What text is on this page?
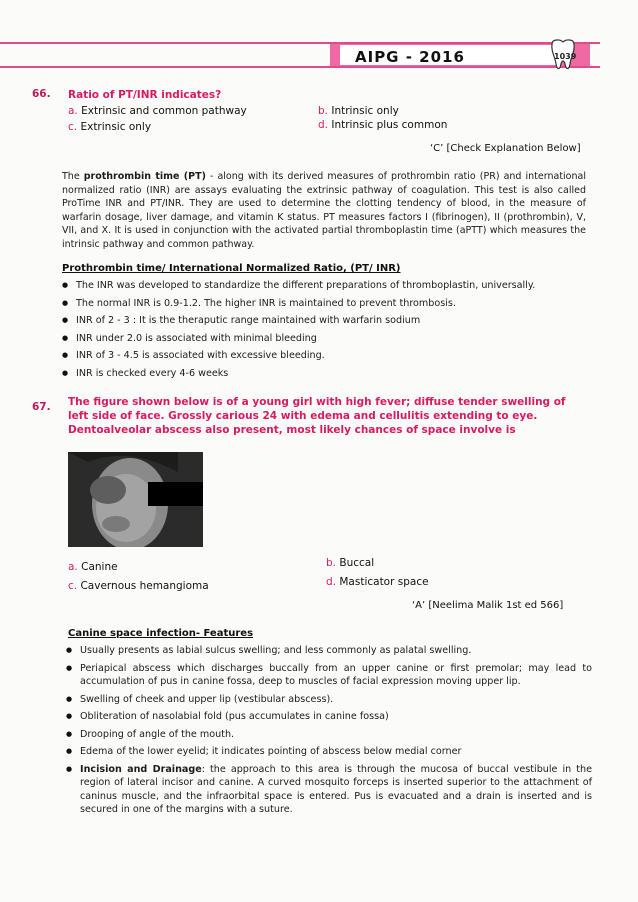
AIPG - 2016	1039
66. Ratio of PT/INR indicates?
a. Extrinsic and common pathway	b. Intrinsic only
c. Extrinsic only	d. Intrinsic plus common
‘C’ [Check Explanation Below]
The prothrombin time (PT) - along with its derived measures of prothrombin ratio (PR) and international normalized ratio (INR) are assays evaluating the extrinsic pathway of coagulation. This test is also called ProTime INR and PT/INR. They are used to determine the clotting tendency of blood, in the measure of warfarin dosage, liver damage, and vitamin K status. PT measures factors I (fibrinogen), II (prothrombin), V, VII, and X. It is used in conjunction with the activated partial thromboplastin time (aPTT) which measures the intrinsic pathway and common pathway.
Prothrombin time/ International Normalized Ratio, (PT/ INR)
● The INR was developed to standardize the different preparations of thromboplastin, universally.
● The normal INR is 0.9-1.2. The higher INR is maintained to prevent thrombosis.
● INR of 2 - 3 : It is the theraputic range maintained with warfarin sodium
● INR under 2.0 is associated with minimal bleeding
● INR of 3 - 4.5 is associated with excessive bleeding.
● INR is checked every 4-6 weeks
67. The figure shown below is of a young girl with high fever; diffuse tender swelling of left side of face. Grossly carious 24 with edema and cellulitis extending to eye. Dentoalveolar abscess also present, most likely chances of space involve is
a. Canine	b. Buccal
c. Cavernous hemangioma	d. Masticator space
‘A’ [Neelima Malik 1st ed 566]
Canine space infection- Features
● Usually presents as labial sulcus swelling; and less commonly as palatal swelling.
● Periapical abscess which discharges buccally from an upper canine or first premolar; may lead to accumulation of pus in canine fossa, deep to muscles of facial expression moving upper lip.
● Swelling of cheek and upper lip (vestibular abscess).
● Obliteration of nasolabial fold (pus accumulates in canine fossa)
● Drooping of angle of the mouth.
● Edema of the lower eyelid; it indicates pointing of abscess below medial corner
● Incision and Drainage: the approach to this area is through the mucosa of buccal vestibule in the region of lateral incisor and canine. A curved mosquito forceps is inserted superior to the attachment of caninus muscle, and the infraorbital space is entered. Pus is evacuated and a drain is inserted and is secured in one of the margins with a suture.
